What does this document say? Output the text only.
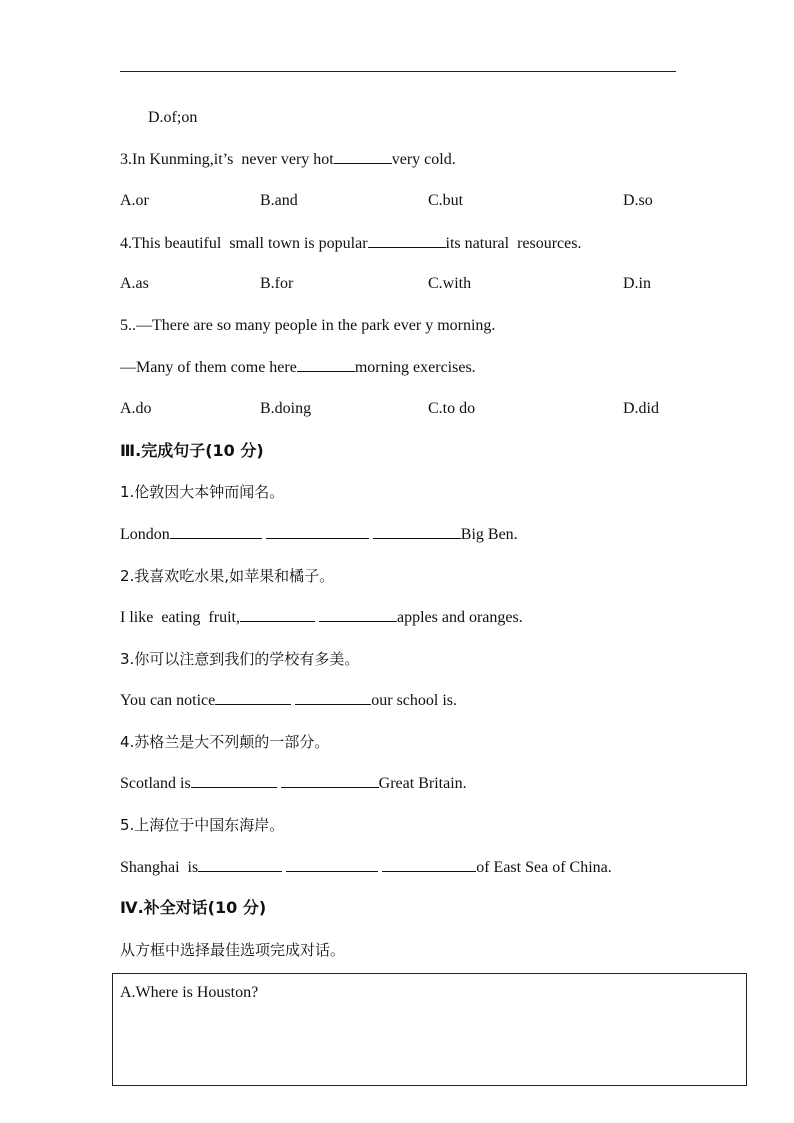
D.of;on
3.In Kunming,it’s  never very hot	very cold.
A.or	B.and	C.but	D.so
4.This beautiful  small town is popular	its natural  resources.
A.as	B.for	C.with	D.in
5..—There are so many people in the park ever y morning.
—Many of them come here	morning exercises.
A.do	B.doing	C.to do	D.did
Ⅲ.完成句子(10 分)
1.伦敦因大本钟而闻名。
London	Big Ben.
2.我喜欢吃水果,如苹果和橘子。
I like  eating  fruit,	apples and oranges.
3.你可以注意到我们的学校有多美。
You can notice	our school is.
4.苏格兰是大不列颠的一部分。
Scotland is	Great Britain.
5.上海位于中国东海岸。
Shanghai  is	of East Sea of China.
Ⅳ.补全对话(10 分)
从方框中选择最佳选项完成对话。
A.Where is Houston?
